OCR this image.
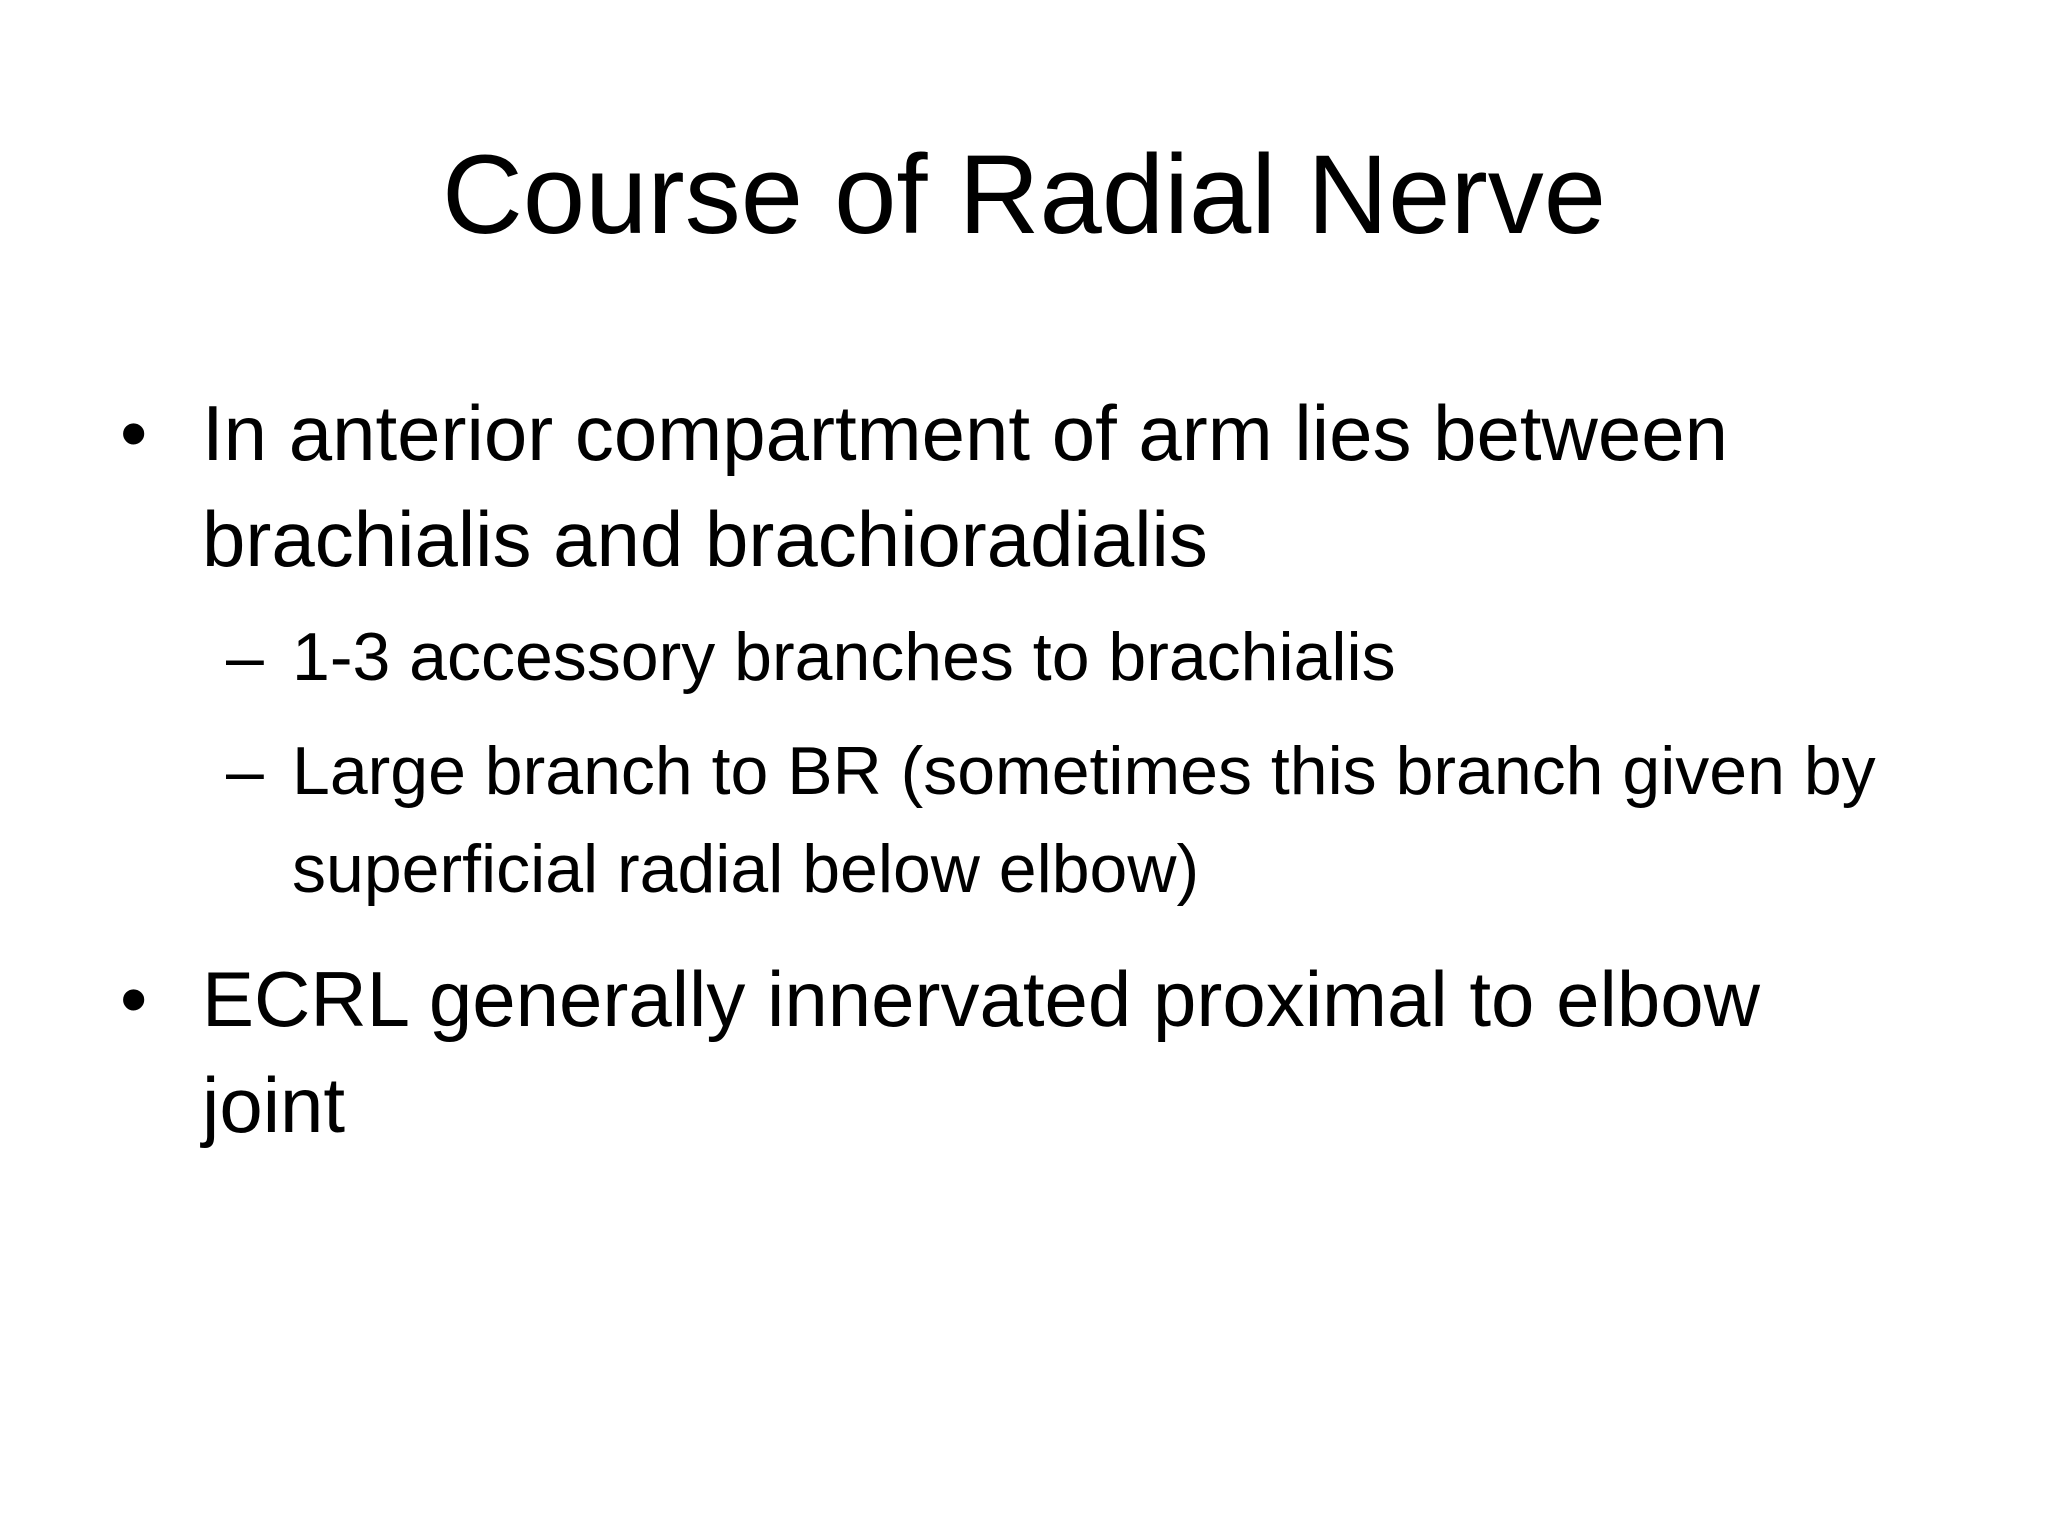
Course of Radial Nerve

• In anterior compartment of arm lies between brachialis and brachioradialis

– 1-3 accessory branches to brachialis

– Large branch to BR (sometimes this branch given by superficial radial below elbow)

• ECRL generally innervated proximal to elbow joint
